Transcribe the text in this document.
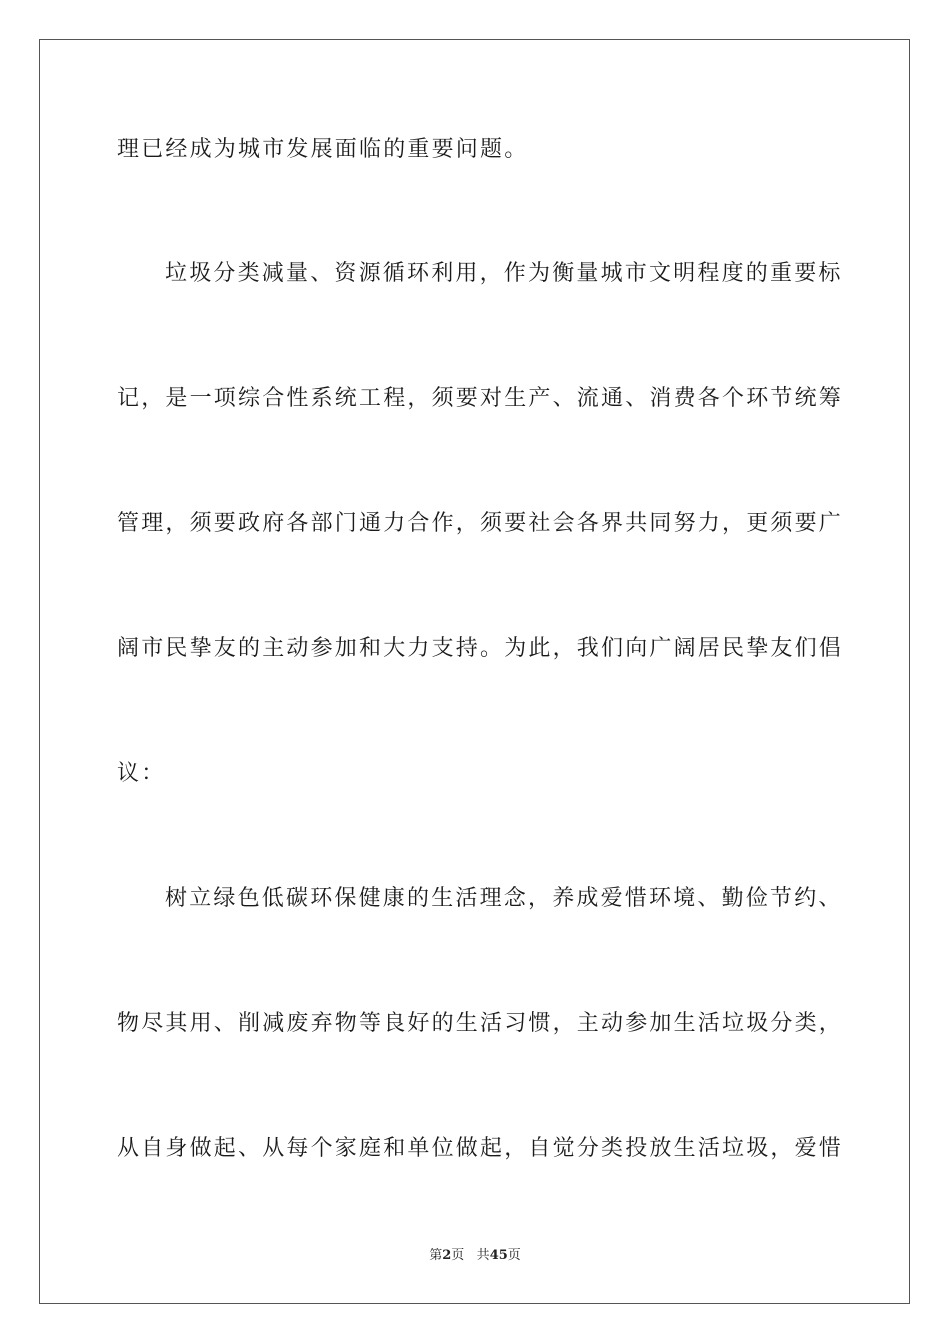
理已经成为城市发展面临的重要问题。
垃圾分类减量、资源循环利用，作为衡量城市文明程度的重要标
记，是一项综合性系统工程，须要对生产、流通、消费各个环节统筹
管理，须要政府各部门通力合作，须要社会各界共同努力，更须要广
阔市民挚友的主动参加和大力支持。为此，我们向广阔居民挚友们倡
议：
树立绿色低碳环保健康的生活理念，养成爱惜环境、勤俭节约、
物尽其用、削减废弃物等良好的生活习惯，主动参加生活垃圾分类，
从自身做起、从每个家庭和单位做起，自觉分类投放生活垃圾，爱惜
第2页 共45页
